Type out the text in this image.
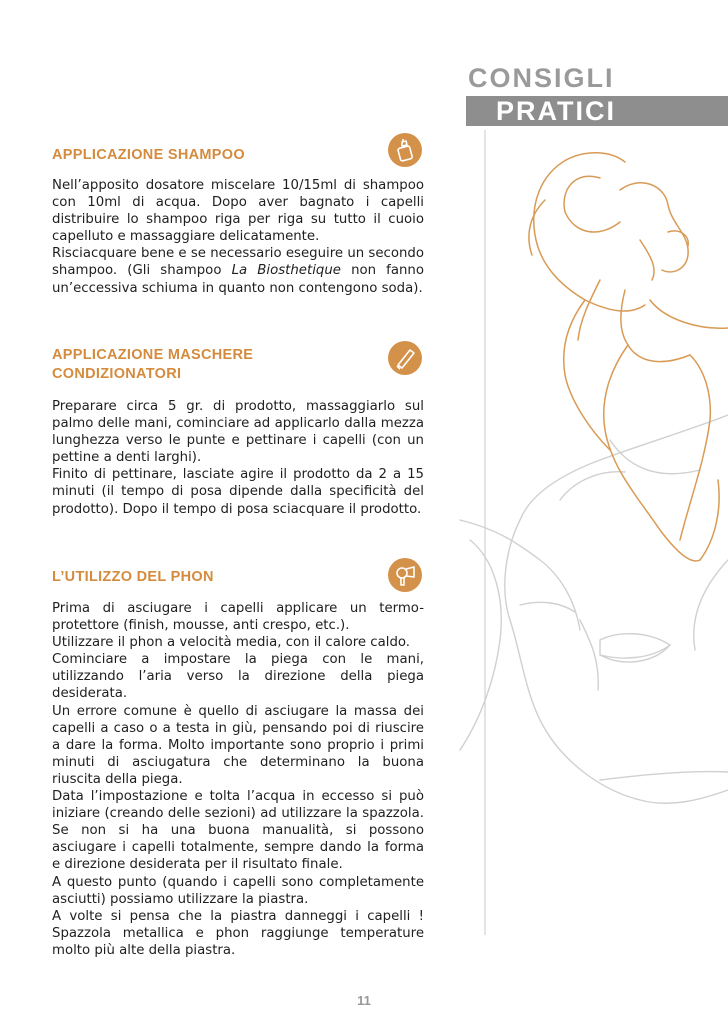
CONSIGLI
PRATICI
APPLICAZIONE SHAMPOO

Nell’apposito dosatore miscelare 10/15ml di shampoo con 10ml di acqua. Dopo aver bagnato i capelli distribuire lo shampoo riga per riga su tutto il cuoio capelluto e massaggiare delicatamente.

Risciacquare bene e se necessario eseguire un secondo shampoo. (Gli shampoo La Biosthetique non fanno un’eccessiva schiuma in quanto non contengono soda).

APPLICAZIONE MASCHERE
CONDIZIONATORI

Preparare circa 5 gr. di prodotto, massaggiarlo sul palmo delle mani, cominciare ad applicarlo dalla mezza lunghezza verso le punte e pettinare i capelli (con un pettine a denti larghi).

Finito di pettinare, lasciate agire il prodotto da 2 a 15 minuti (il tempo di posa dipende dalla specificità del prodotto). Dopo il tempo di posa sciacquare il prodotto.

L’UTILIZZO DEL PHON

Prima di asciugare i capelli applicare un termo-protettore (finish, mousse, anti crespo, etc.).

Utilizzare il phon a velocità media, con il calore caldo.

Cominciare a impostare la piega con le mani, utilizzando l’aria verso la direzione della piega desiderata.

Un errore comune è quello di asciugare la massa dei capelli a caso o a testa in giù, pensando poi di riuscire a dare la forma. Molto importante sono proprio i primi minuti di asciugatura che determinano la buona riuscita della piega.

Data l’impostazione e tolta l’acqua in eccesso si può iniziare (creando delle sezioni) ad utilizzare la spazzola. Se non si ha una buona manualità, si possono asciugare i capelli totalmente, sempre dando la forma e direzione desiderata per il risultato finale.

A questo punto (quando i capelli sono completamente asciutti) possiamo utilizzare la piastra.

A volte si pensa che la piastra danneggi i capelli ! Spazzola metallica e phon raggiunge temperature molto più alte della piastra.

11
